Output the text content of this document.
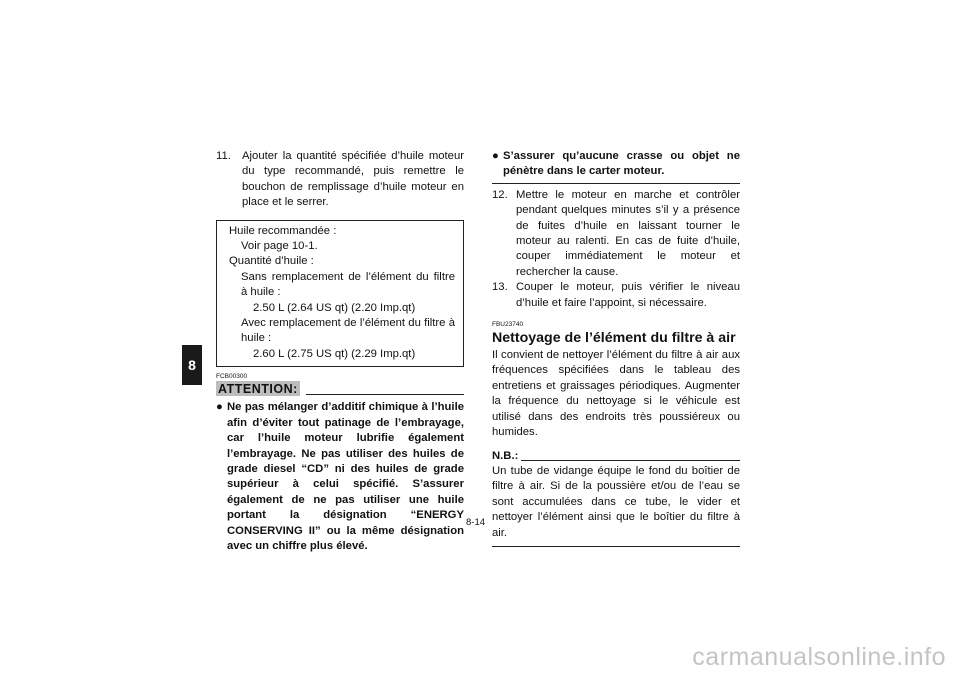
8
11. Ajouter la quantité spécifiée d’huile moteur du type recommandé, puis remettre le bouchon de remplissage d’huile moteur en place et le serrer.
Huile recommandée :
Voir page 10-1.
Quantité d’huile :
Sans remplacement de l’élément du filtre à huile :
2.50 L (2.64 US qt) (2.20 Imp.qt)
Avec remplacement de l’élément du filtre à huile :
2.60 L (2.75 US qt) (2.29 Imp.qt)
FCB00300
ATTENTION:
● Ne pas mélanger d’additif chimique à l’huile afin d’éviter tout patinage de l’embrayage, car l’huile moteur lubrifie également l’embrayage. Ne pas utiliser des huiles de grade diesel “CD” ni des huiles de grade supérieur à celui spécifié. S’assurer également de ne pas utiliser une huile portant la désignation “ENERGY CONSERVING II” ou la même désignation avec un chiffre plus élevé.
● S’assurer qu’aucune crasse ou objet ne pénètre dans le carter moteur.
12. Mettre le moteur en marche et contrôler pendant quelques minutes s’il y a présence de fuites d’huile en laissant tourner le moteur au ralenti. En cas de fuite d’huile, couper immédiatement le moteur et rechercher la cause.
13. Couper le moteur, puis vérifier le niveau d’huile et faire l’appoint, si nécessaire.
FBU23740
Nettoyage de l’élément du filtre à air
Il convient de nettoyer l’élément du filtre à air aux fréquences spécifiées dans le tableau des entretiens et graissages périodiques. Augmenter la fréquence du nettoyage si le véhicule est utilisé dans des endroits très poussiéreux ou humides.
N.B.:
Un tube de vidange équipe le fond du boîtier de filtre à air. Si de la poussière et/ou de l’eau se sont accumulées dans ce tube, le vider et nettoyer l’élément ainsi que le boîtier du filtre à air.
8-14
carmanualsonline.info
